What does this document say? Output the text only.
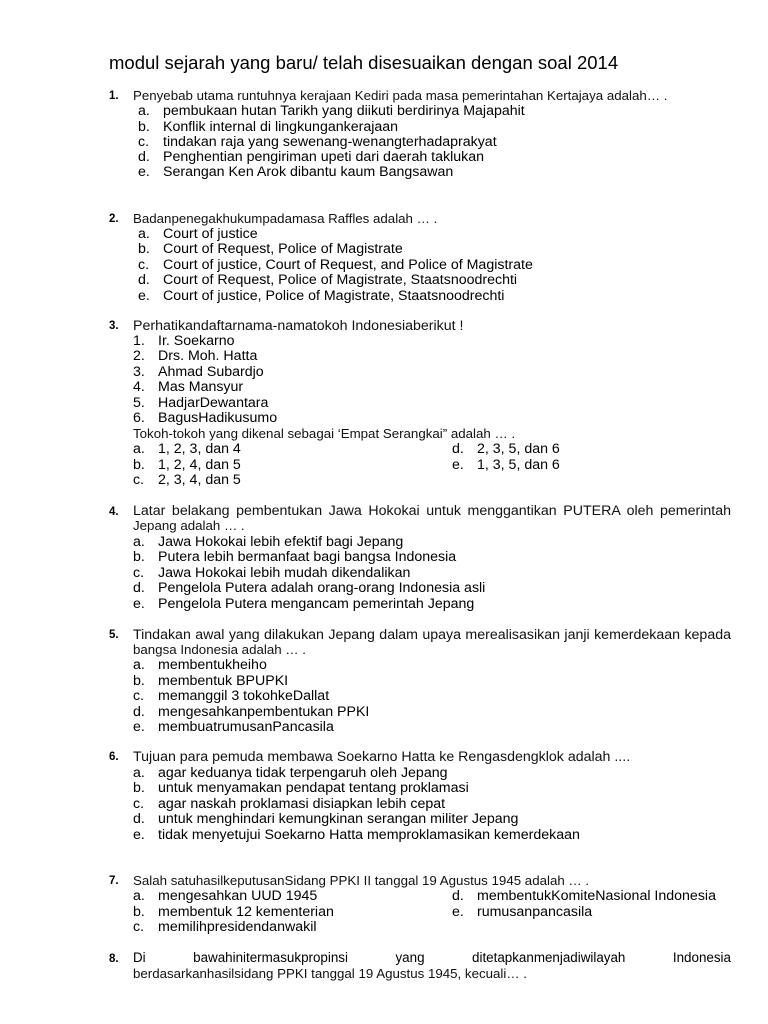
modul sejarah yang baru/ telah disesuaikan dengan soal 2014
1.	Penyebab utama runtuhnya kerajaan Kediri pada masa pemerintahan Kertajaya adalah… .
a. pembukaan hutan Tarikh yang diikuti berdirinya Majapahit
b. Konflik internal di lingkungankerajaan
c. tindakan raja yang sewenang-wenangterhadaprakyat
d. Penghentian pengiriman upeti dari daerah taklukan
e. Serangan Ken Arok dibantu kaum Bangsawan
2.	Badanpenegakhukumpadamasa Raffles adalah … .
a. Court of justice
b. Court of Request, Police of Magistrate
c. Court of justice, Court of Request, and Police of Magistrate
d. Court of Request, Police of Magistrate, Staatsnoodrechti
e. Court of justice, Police of Magistrate, Staatsnoodrechti
3.	Perhatikandaftarnama-namatokoh Indonesiaberikut !
1. Ir. Soekarno
2. Drs. Moh. Hatta
3. Ahmad Subardjo
4. Mas Mansyur
5. HadjarDewantara
6. BagusHadikusumo
Tokoh-tokoh yang dikenal sebagai ‘Empat Serangkai” adalah … .
a. 1, 2, 3, dan 4
b. 1, 2, 4, dan 5
c. 2, 3, 4, dan 5
d. 2, 3, 5, dan 6
e. 1, 3, 5, dan 6
4.	Latar belakang pembentukan Jawa Hokokai untuk menggantikan PUTERA oleh pemerintah
Jepang adalah … .
a. Jawa Hokokai lebih efektif bagi Jepang
b. Putera lebih bermanfaat bagi bangsa Indonesia
c. Jawa Hokokai lebih mudah dikendalikan
d. Pengelola Putera adalah orang-orang Indonesia asli
e. Pengelola Putera mengancam pemerintah Jepang
5.	Tindakan awal yang dilakukan Jepang dalam upaya merealisasikan janji kemerdekaan kepada
bangsa Indonesia adalah … .
a. membentukheiho
b. membentuk BPUPKI
c. memanggil 3 tokohkeDallat
d. mengesahkanpembentukan PPKI
e. membuatrumusanPancasila
6.	Tujuan para pemuda membawa Soekarno Hatta ke Rengasdengklok adalah ....
a. agar keduanya tidak terpengaruh oleh Jepang
b. untuk menyamakan pendapat tentang proklamasi
c. agar naskah proklamasi disiapkan lebih cepat
d. untuk menghindari kemungkinan serangan militer Jepang
e. tidak menyetujui Soekarno Hatta memproklamasikan kemerdekaan
7.	Salah satuhasilkeputusanSidang PPKI II tanggal 19 Agustus 1945 adalah … .
a. mengesahkan UUD 1945
b. membentuk 12 kementerian
c. memilihpresidendanwakil
d. membentukKomiteNasional Indonesia
e. rumusanpancasila
8.	Di	bawahinitermasukpropinsi	yang	ditetapkanmenjadiwilayah	Indonesia
berdasarkanhasilsidang PPKI tanggal 19 Agustus 1945, kecuali… .
